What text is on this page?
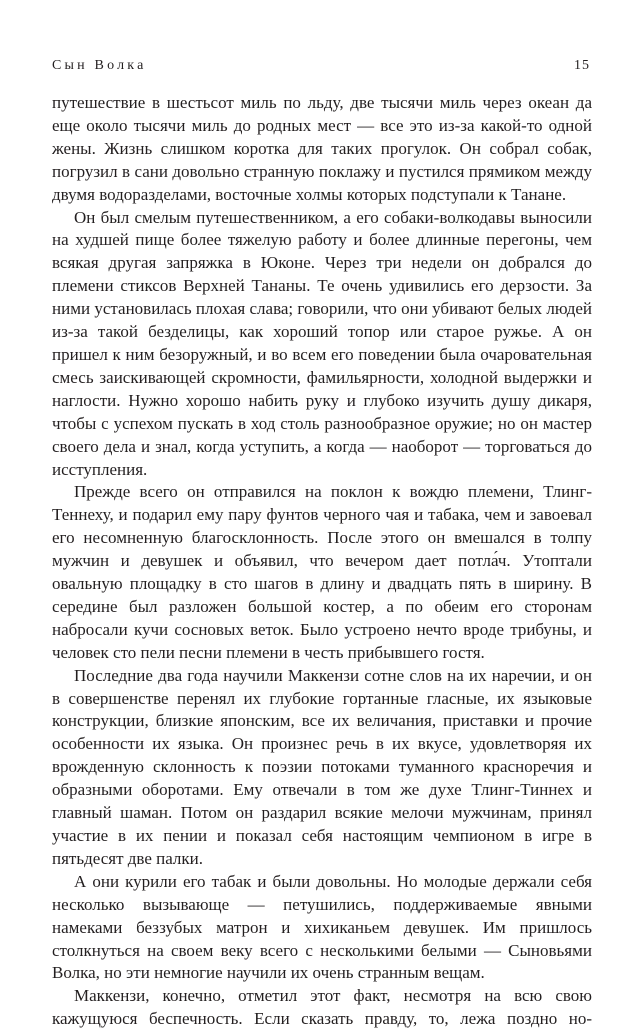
Сын Волка	15

путешествие в шестьсот миль по льду, две тысячи миль через океан да еще около тысячи миль до родных мест — все это из-за какой-то одной жены. Жизнь слишком коротка для таких прогулок. Он собрал собак, погрузил в сани довольно странную поклажу и пустился прямиком между двумя водоразделами, восточные холмы которых подступали к Танане.

Он был смелым путешественником, а его собаки-волкодавы выносили на худшей пище более тяжелую работу и более длинные перегоны, чем всякая другая запряжка в Юконе. Через три недели он добрался до племени стиксов Верхней Тананы. Те очень удивились его дерзости. За ними установилась плохая слава; говорили, что они убивают белых людей из-за такой безделицы, как хороший топор или старое ружье. А он пришел к ним безоружный, и во всем его поведении была очаровательная смесь заискивающей скромности, фамильярности, холодной выдержки и наглости. Нужно хорошо набить руку и глубоко изучить душу дикаря, чтобы с успехом пускать в ход столь разнообразное оружие; но он мастер своего дела и знал, когда уступить, а когда — наоборот — торговаться до исступления.

Прежде всего он отправился на поклон к вождю племени, Тлинг-Теннеху, и подарил ему пару фунтов черного чая и табака, чем и завоевал его несомненную благосклонность. После этого он вмешался в толпу мужчин и девушек и объявил, что вечером дает потла́ч. Утоптали овальную площадку в сто шагов в длину и двадцать пять в ширину. В середине был разложен большой костер, а по обеим его сторонам набросали кучи сосновых веток. Было устроено нечто вроде трибуны, и человек сто пели песни племени в честь прибывшего гостя.

Последние два года научили Маккензи сотне слов на их наречии, и он в совершенстве перенял их глубокие гортанные гласные, их языковые конструкции, близкие японским, все их величания, приставки и прочие особенности их языка. Он произнес речь в их вкусе, удовлетворяя их врожденную склонность к поэзии потоками туманного красноречия и образными оборотами. Ему отвечали в том же духе Тлинг-Тиннех и главный шаман. Потом он раздарил всякие мелочи мужчинам, принял участие в их пении и показал себя настоящим чемпионом в игре в пятьдесят две палки.

А они курили его табак и были довольны. Но молодые держали себя несколько вызывающе — петушились, поддерживаемые явными намеками беззубых матрон и хихиканьем девушек. Им пришлось столкнуться на своем веку всего с несколькими белыми — Сыновьями Волка, но эти немногие научили их очень странным вещам.

Маккензи, конечно, отметил этот факт, несмотря на всю свою кажущуюся беспечность. Если сказать правду, то, лежа поздно но-
